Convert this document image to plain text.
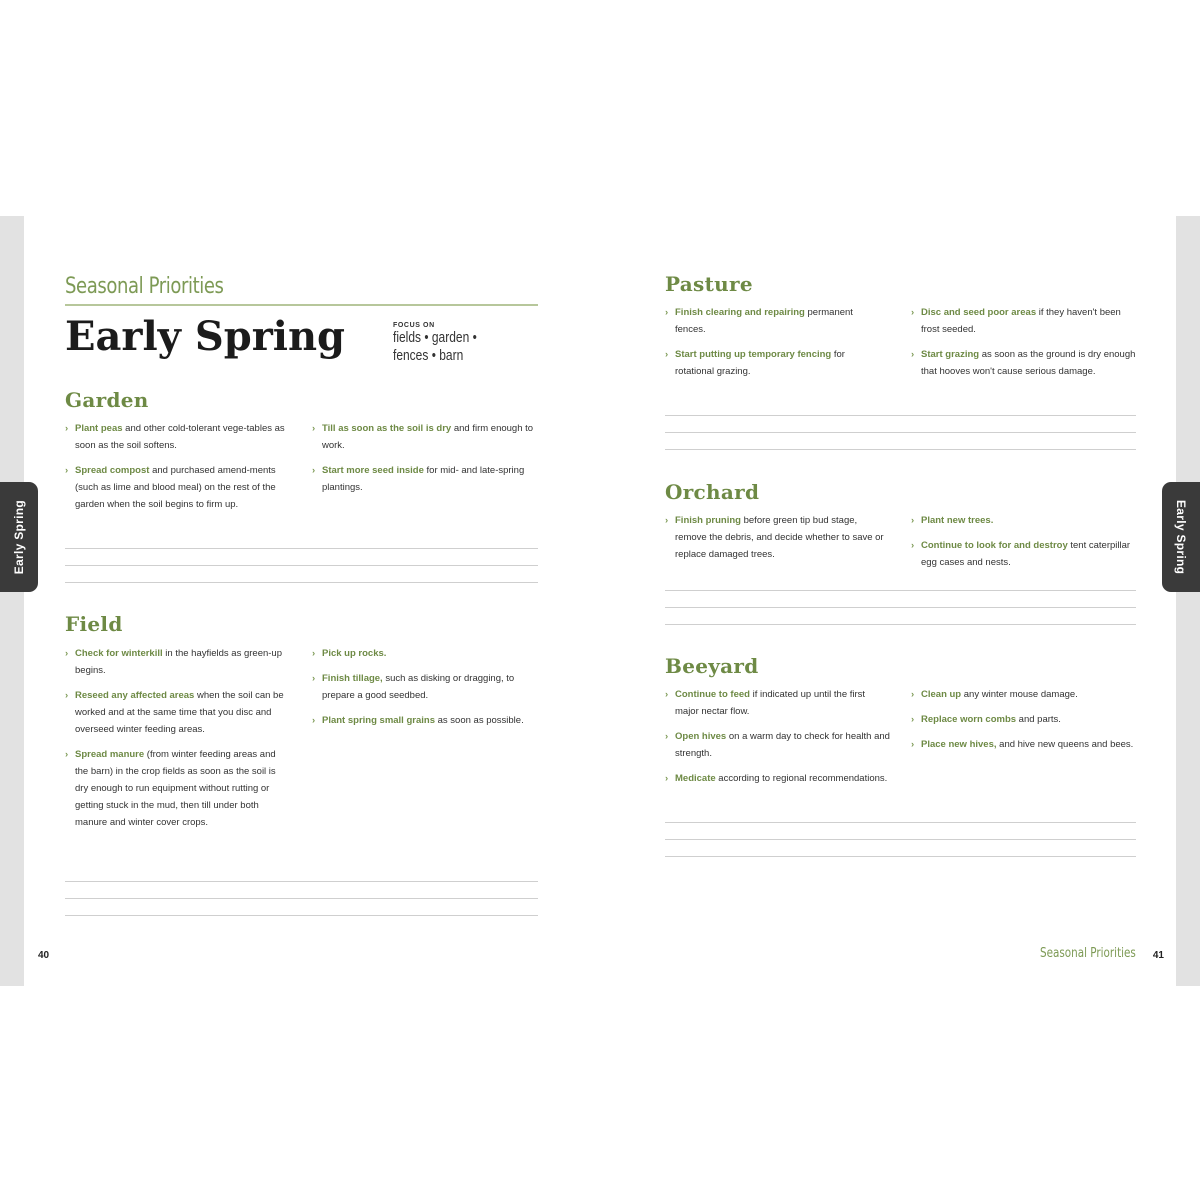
Seasonal Priorities
Early Spring	FOCUS ON
fields • garden • fences • barn
Garden
› Plant peas and other cold-tolerant vege-tables as soon as the soil softens.
› Spread compost and purchased amend-ments (such as lime and blood meal) on the rest of the garden when the soil begins to firm up.
› Till as soon as the soil is dry and firm enough to work.
› Start more seed inside for mid- and late-spring plantings.
Field
› Check for winterkill in the hayfields as green-up begins.
› Reseed any affected areas when the soil can be worked and at the same time that you disc and overseed winter feeding areas.
› Spread manure (from winter feeding areas and the barn) in the crop fields as soon as the soil is dry enough to run equipment without rutting or getting stuck in the mud, then till under both manure and winter cover crops.
› Pick up rocks.
› Finish tillage, such as disking or dragging, to prepare a good seedbed.
› Plant spring small grains as soon as possible.
40
Pasture
› Finish clearing and repairing permanent fences.
› Start putting up temporary fencing for rotational grazing.
› Disc and seed poor areas if they haven't been frost seeded.
› Start grazing as soon as the ground is dry enough that hooves won't cause serious damage.
Orchard
› Finish pruning before green tip bud stage, remove the debris, and decide whether to save or replace damaged trees.
› Plant new trees.
› Continue to look for and destroy tent caterpillar egg cases and nests.
Beeyard
› Continue to feed if indicated up until the first major nectar flow.
› Open hives on a warm day to check for health and strength.
› Medicate according to regional recommendations.
› Clean up any winter mouse damage.
› Replace worn combs and parts.
› Place new hives, and hive new queens and bees.
Seasonal Priorities 41
Early Spring	Early Spring
